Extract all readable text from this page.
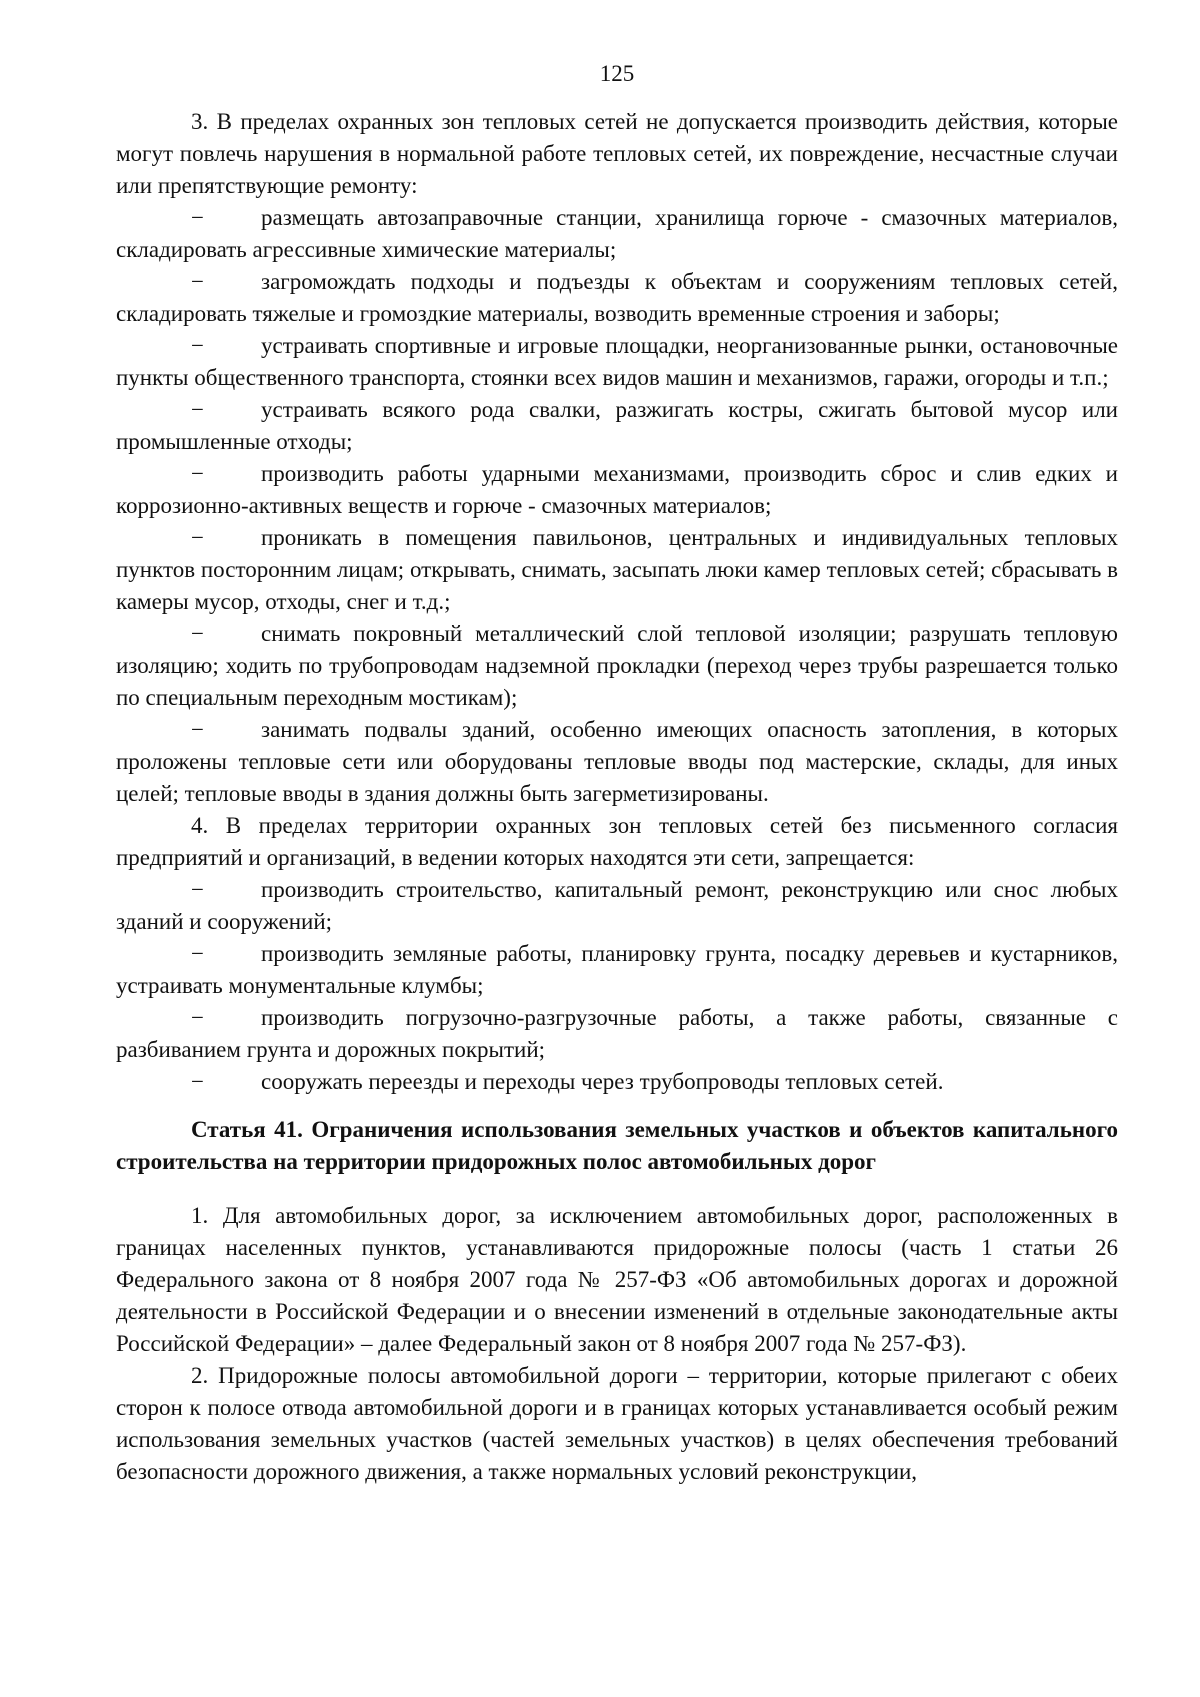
125

3. В пределах охранных зон тепловых сетей не допускается производить действия, которые могут повлечь нарушения в нормальной работе тепловых сетей, их повреждение, несчастные случаи или препятствующие ремонту:

− размещать автозаправочные станции, хранилища горюче - смазочных материалов, складировать агрессивные химические материалы;

− загромождать подходы и подъезды к объектам и сооружениям тепловых сетей, складировать тяжелые и громоздкие материалы, возводить временные строения и заборы;

− устраивать спортивные и игровые площадки, неорганизованные рынки, остановочные пункты общественного транспорта, стоянки всех видов машин и механизмов, гаражи, огороды и т.п.;

− устраивать всякого рода свалки, разжигать костры, сжигать бытовой мусор или промышленные отходы;

− производить работы ударными механизмами, производить сброс и слив едких и коррозионно-активных веществ и горюче - смазочных материалов;

− проникать в помещения павильонов, центральных и индивидуальных тепловых пунктов посторонним лицам; открывать, снимать, засыпать люки камер тепловых сетей; сбрасывать в камеры мусор, отходы, снег и т.д.;

− снимать покровный металлический слой тепловой изоляции; разрушать тепловую изоляцию; ходить по трубопроводам надземной прокладки (переход через трубы разрешается только по специальным переходным мостикам);

− занимать подвалы зданий, особенно имеющих опасность затопления, в которых проложены тепловые сети или оборудованы тепловые вводы под мастерские, склады, для иных целей; тепловые вводы в здания должны быть загерметизированы.

4. В пределах территории охранных зон тепловых сетей без письменного согласия предприятий и организаций, в ведении которых находятся эти сети, запрещается:

− производить строительство, капитальный ремонт, реконструкцию или снос любых зданий и сооружений;

− производить земляные работы, планировку грунта, посадку деревьев и кустарников, устраивать монументальные клумбы;

− производить погрузочно-разгрузочные работы, а также работы, связанные с разбиванием грунта и дорожных покрытий;

− сооружать переезды и переходы через трубопроводы тепловых сетей.

Статья 41. Ограничения использования земельных участков и объектов капитального строительства на территории придорожных полос автомобильных дорог

1. Для автомобильных дорог, за исключением автомобильных дорог, расположенных в границах населенных пунктов, устанавливаются придорожные полосы (часть 1 статьи 26 Федерального закона от 8 ноября 2007 года № 257-ФЗ «Об автомобильных дорогах и дорожной деятельности в Российской Федерации и о внесении изменений в отдельные законодательные акты Российской Федерации» – далее Федеральный закон от 8 ноября 2007 года № 257-ФЗ).

2. Придорожные полосы автомобильной дороги – территории, которые прилегают с обеих сторон к полосе отвода автомобильной дороги и в границах которых устанавливается особый режим использования земельных участков (частей земельных участков) в целях обеспечения требований безопасности дорожного движения, а также нормальных условий реконструкции,
